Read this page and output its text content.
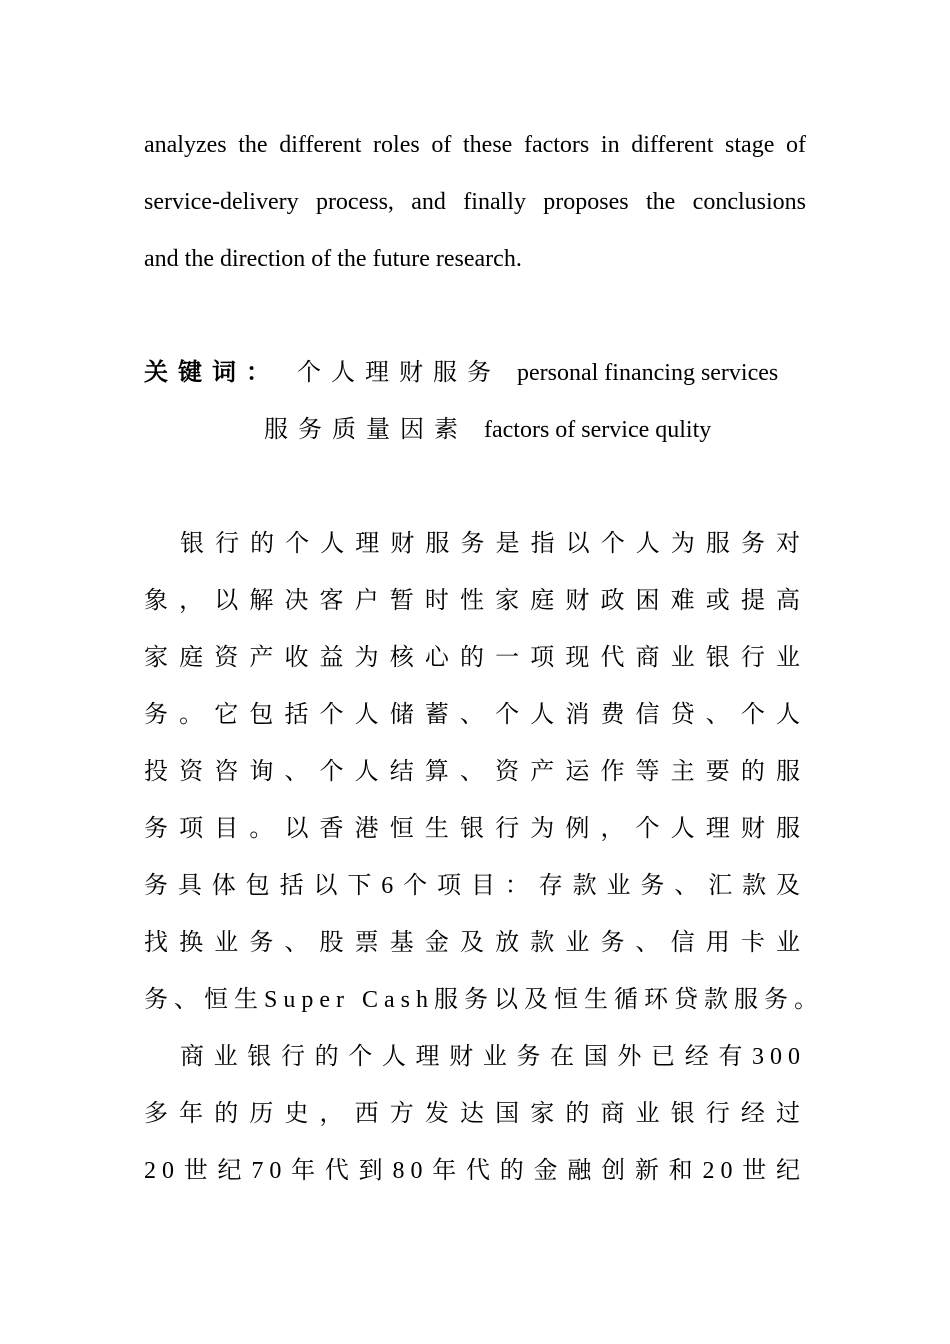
analyzes the different roles of these factors in different stage of
service-delivery process, and finally proposes the conclusions
and the direction of the future research.
关键词： 个人理财服务 personal financing services
服务质量因素 factors of service qulity
银行的个人理财服务是指以个人为服务对
象，以解决客户暂时性家庭财政困难或提高
家庭资产收益为核心的一项现代商业银行业
务。它包括个人储蓄、个人消费信贷、个人
投资咨询、个人结算、资产运作等主要的服
务项目。以香港恒生银行为例，个人理财服
务具体包括以下6个项目：存款业务、汇款及
找换业务、股票基金及放款业务、信用卡业
务、恒生Super Cash服务以及恒生循环贷款服务。
商业银行的个人理财业务在国外已经有300
多年的历史，西方发达国家的商业银行经过
20世纪70年代到80年代的金融创新和20世纪
